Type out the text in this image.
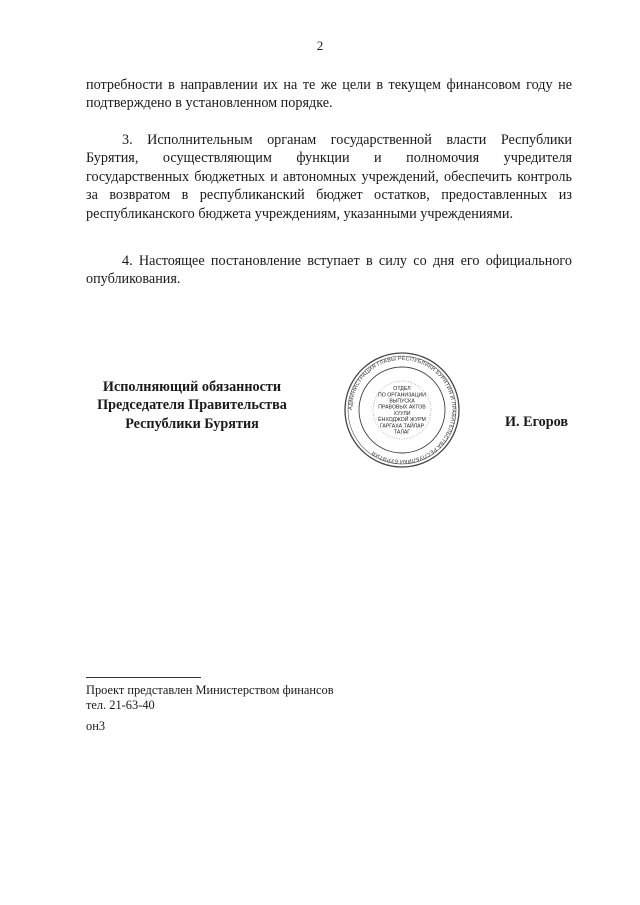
2

потребности в направлении их на те же цели в текущем финансовом году не подтверждено в установленном порядке.

3. Исполнительным органам государственной власти Республики Бурятия, осуществляющим функции и полномочия учредителя государственных бюджетных и автономных учреждений, обеспечить контроль за возвратом в республиканский бюджет остатков, предоставленных из республиканского бюджета учреждениям, указанными учреждениями.

4. Настоящее постановление вступает в силу со дня его официального опубликования.

Исполняющий обязанности
Председателя Правительства
Республики Бурятия
АДМИНИСТРАЦИЯ ГЛАВЫ РЕСПУБЛИКИ БУРЯТИЯ И ПРАВИТЕЛЬСТВА РЕСПУБЛИКИ БУРЯТИЯ
ОТДЕЛ
ПО ОРГАНИЗАЦИИ
ВЫПУСКА
ПРАВОВЫХ АКТОВ
ХУУЛИ
ЁНХОДЖОЙ ЖУРМ
ГАРГАХА ТАЙЛАР
ТАЛАГ
И. Егоров
Проект представлен Министерством финансов
тел. 21-63-40
он3
